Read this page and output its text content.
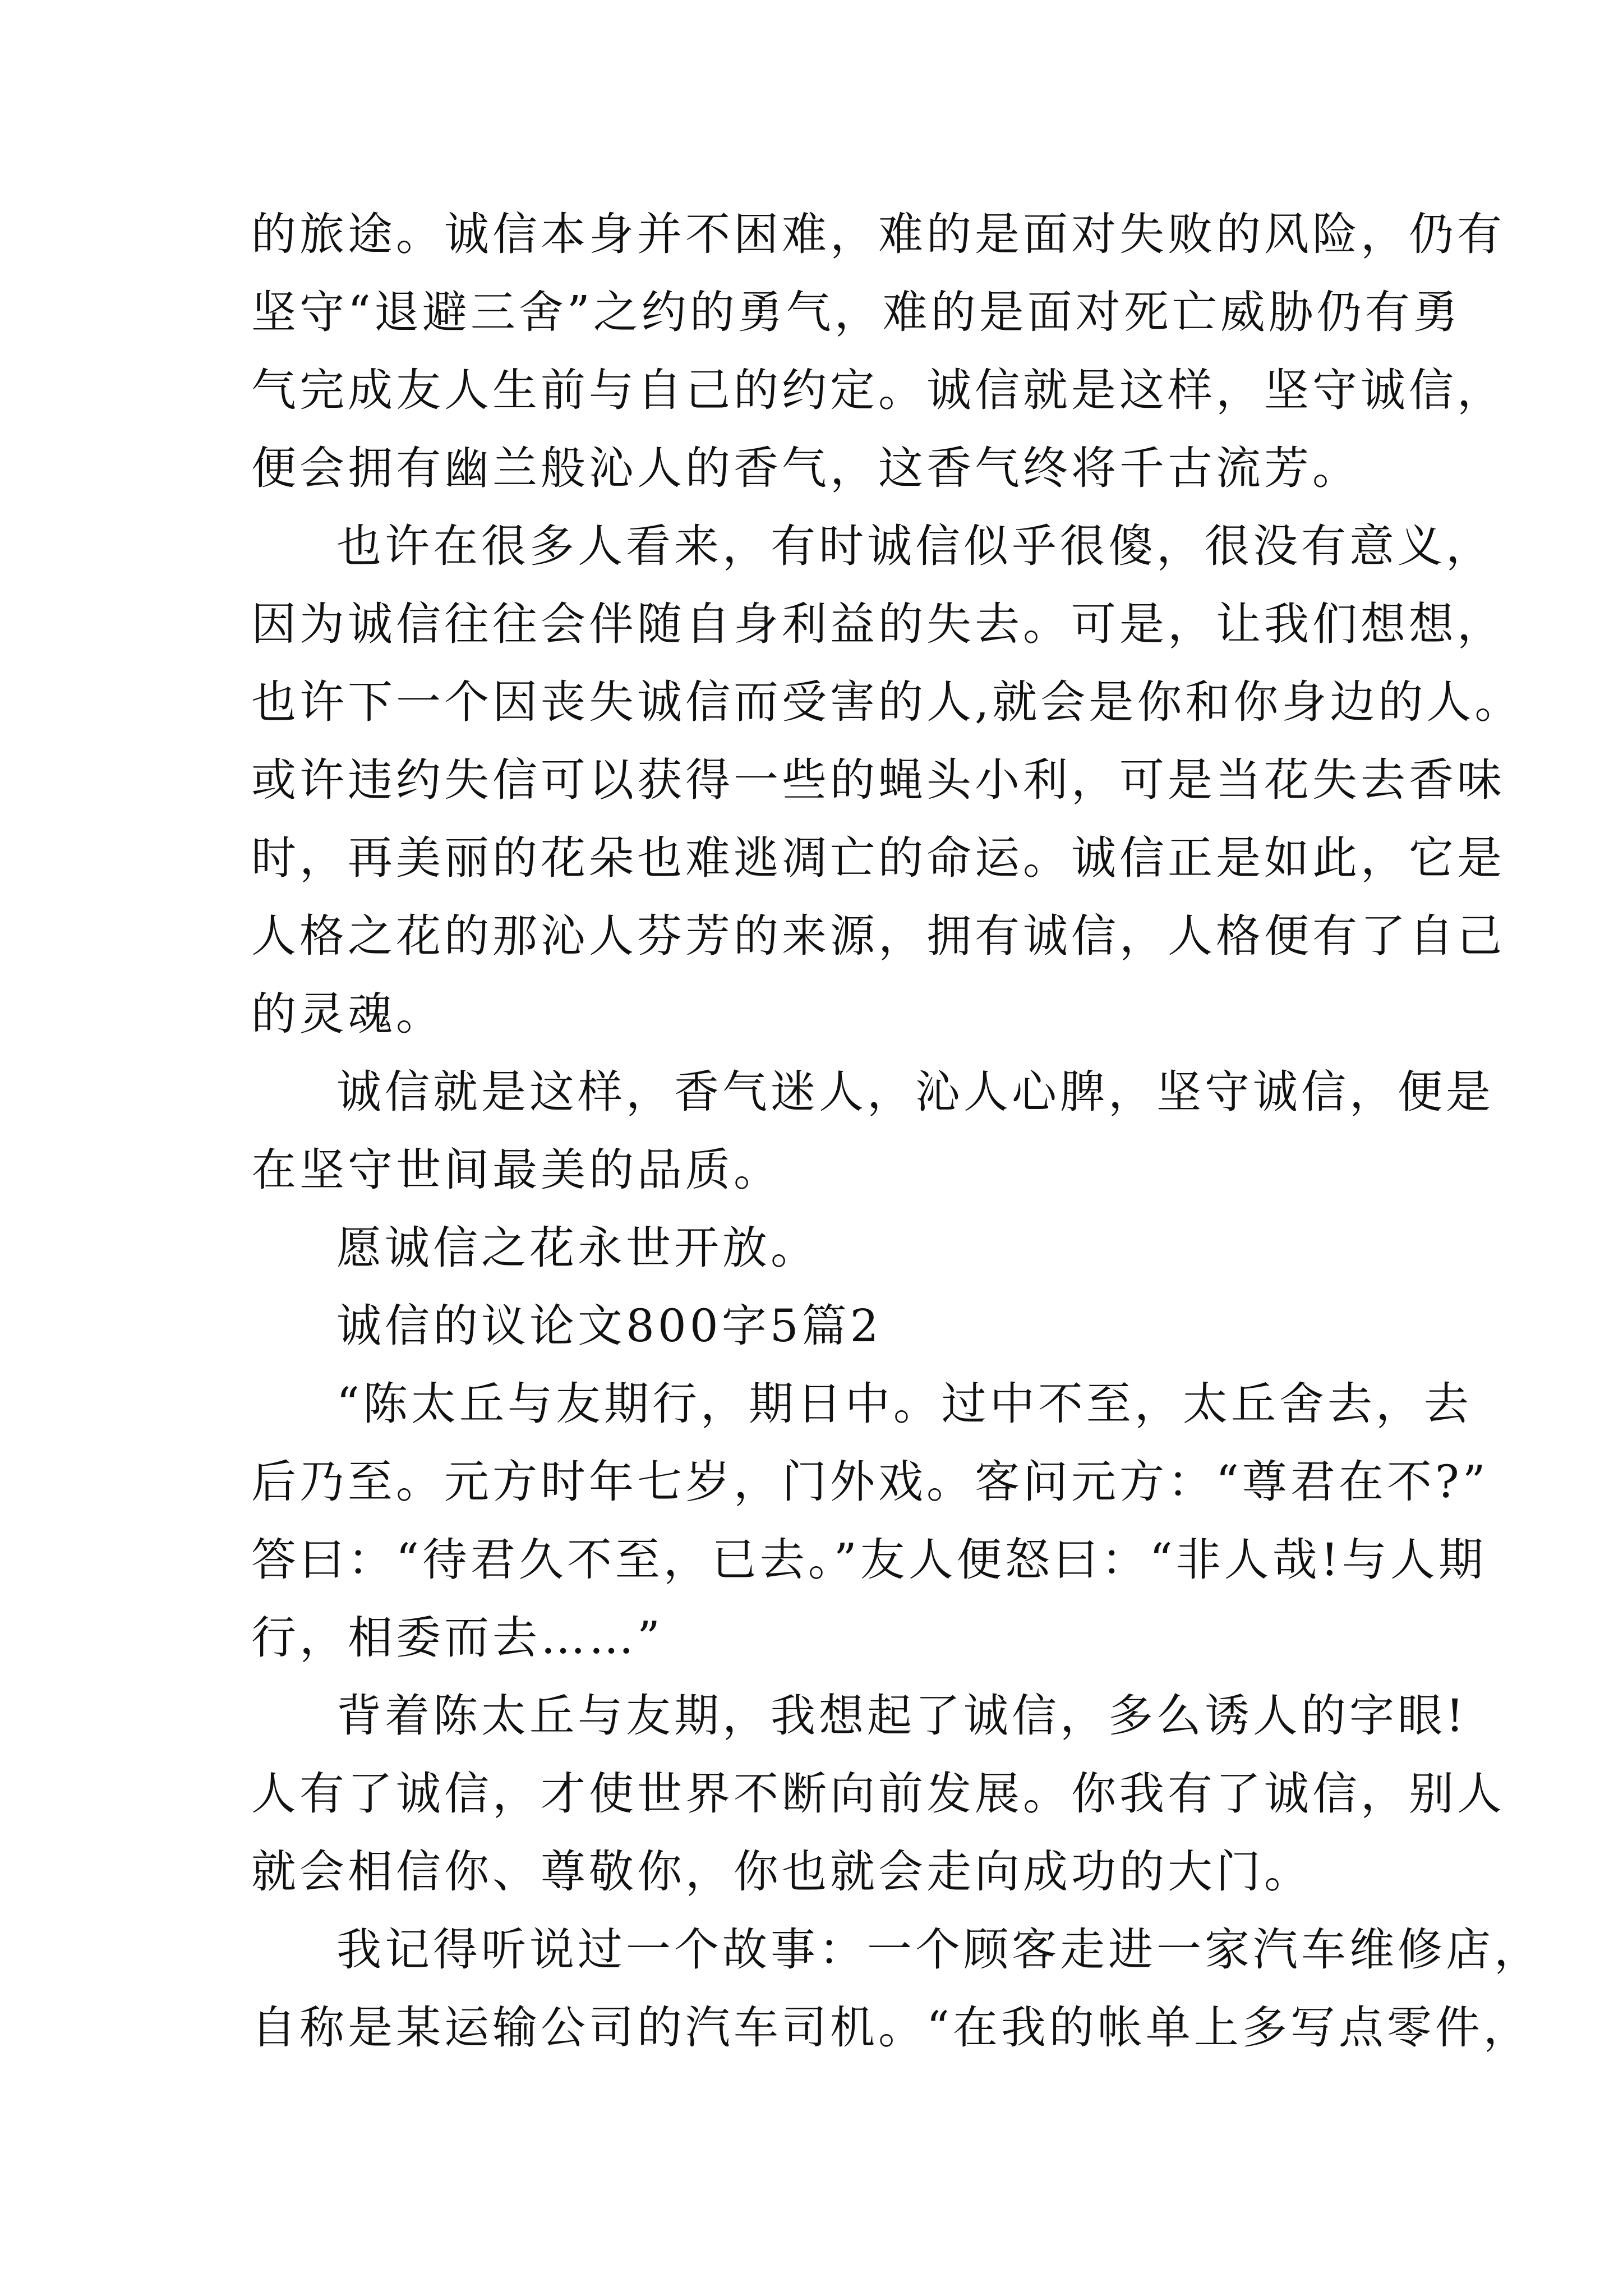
的旅途。诚信本身并不困难，难的是面对失败的风险，仍有
坚守“退避三舍”之约的勇气，难的是面对死亡威胁仍有勇
气完成友人生前与自己的约定。诚信就是这样，坚守诚信，
便会拥有幽兰般沁人的香气，这香气终将千古流芳。
也许在很多人看来，有时诚信似乎很傻，很没有意义，
因为诚信往往会伴随自身利益的失去。可是，让我们想想，
也许下一个因丧失诚信而受害的人,就会是你和你身边的人。
或许违约失信可以获得一些的蝇头小利，可是当花失去香味
时，再美丽的花朵也难逃凋亡的命运。诚信正是如此，它是
人格之花的那沁人芬芳的来源，拥有诚信，人格便有了自己
的灵魂。
诚信就是这样，香气迷人，沁人心脾，坚守诚信，便是
在坚守世间最美的品质。
愿诚信之花永世开放。
诚信的议论文800字5篇2
“陈太丘与友期行，期日中。过中不至，太丘舍去，去
后乃至。元方时年七岁，门外戏。客问元方：“尊君在不?”
答曰：“待君久不至，已去。”友人便怒曰：“非人哉!与人期
行，相委而去……”
背着陈太丘与友期，我想起了诚信，多么诱人的字眼!
人有了诚信，才使世界不断向前发展。你我有了诚信，别人
就会相信你、尊敬你，你也就会走向成功的大门。
我记得听说过一个故事：一个顾客走进一家汽车维修店，
自称是某运输公司的汽车司机。“在我的帐单上多写点零件，
